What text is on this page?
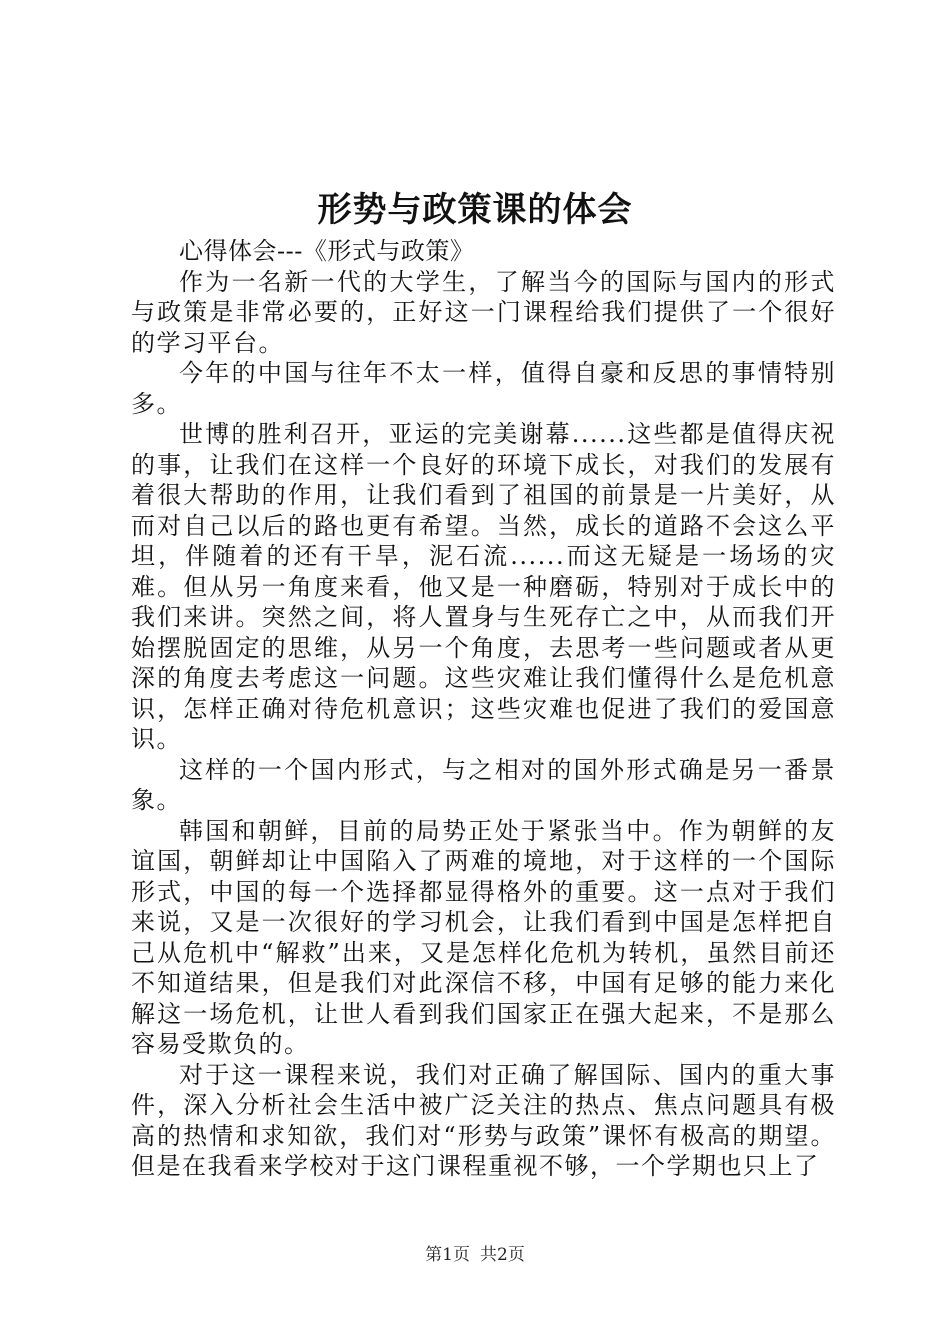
形势与政策课的体会

心得体会---《形式与政策》

作为一名新一代的大学生，了解当今的国际与国内的形式与政策是非常必要的，正好这一门课程给我们提供了一个很好的学习平台。

今年的中国与往年不太一样，值得自豪和反思的事情特别多。

世博的胜利召开，亚运的完美谢幕......这些都是值得庆祝的事，让我们在这样一个良好的环境下成长，对我们的发展有着很大帮助的作用，让我们看到了祖国的前景是一片美好，从而对自己以后的路也更有希望。当然，成长的道路不会这么平坦，伴随着的还有干旱，泥石流......而这无疑是一场场的灾难。但从另一角度来看，他又是一种磨砺，特别对于成长中的我们来讲。突然之间，将人置身与生死存亡之中，从而我们开始摆脱固定的思维，从另一个角度，去思考一些问题或者从更深的角度去考虑这一问题。这些灾难让我们懂得什么是危机意识，怎样正确对待危机意识；这些灾难也促进了我们的爱国意识。

这样的一个国内形式，与之相对的国外形式确是另一番景象。

韩国和朝鲜，目前的局势正处于紧张当中。作为朝鲜的友谊国，朝鲜却让中国陷入了两难的境地，对于这样的一个国际形式，中国的每一个选择都显得格外的重要。这一点对于我们来说，又是一次很好的学习机会，让我们看到中国是怎样把自己从危机中“解救”出来，又是怎样化危机为转机，虽然目前还不知道结果，但是我们对此深信不移，中国有足够的能力来化解这一场危机，让世人看到我们国家正在强大起来，不是那么容易受欺负的。

对于这一课程来说，我们对正确了解国际、国内的重大事件，深入分析社会生活中被广泛关注的热点、焦点问题具有极高的热情和求知欲，我们对“形势与政策”课怀有极高的期望。但是在我看来学校对于这门课程重视不够，一个学期也只上了

第1页 共2页
